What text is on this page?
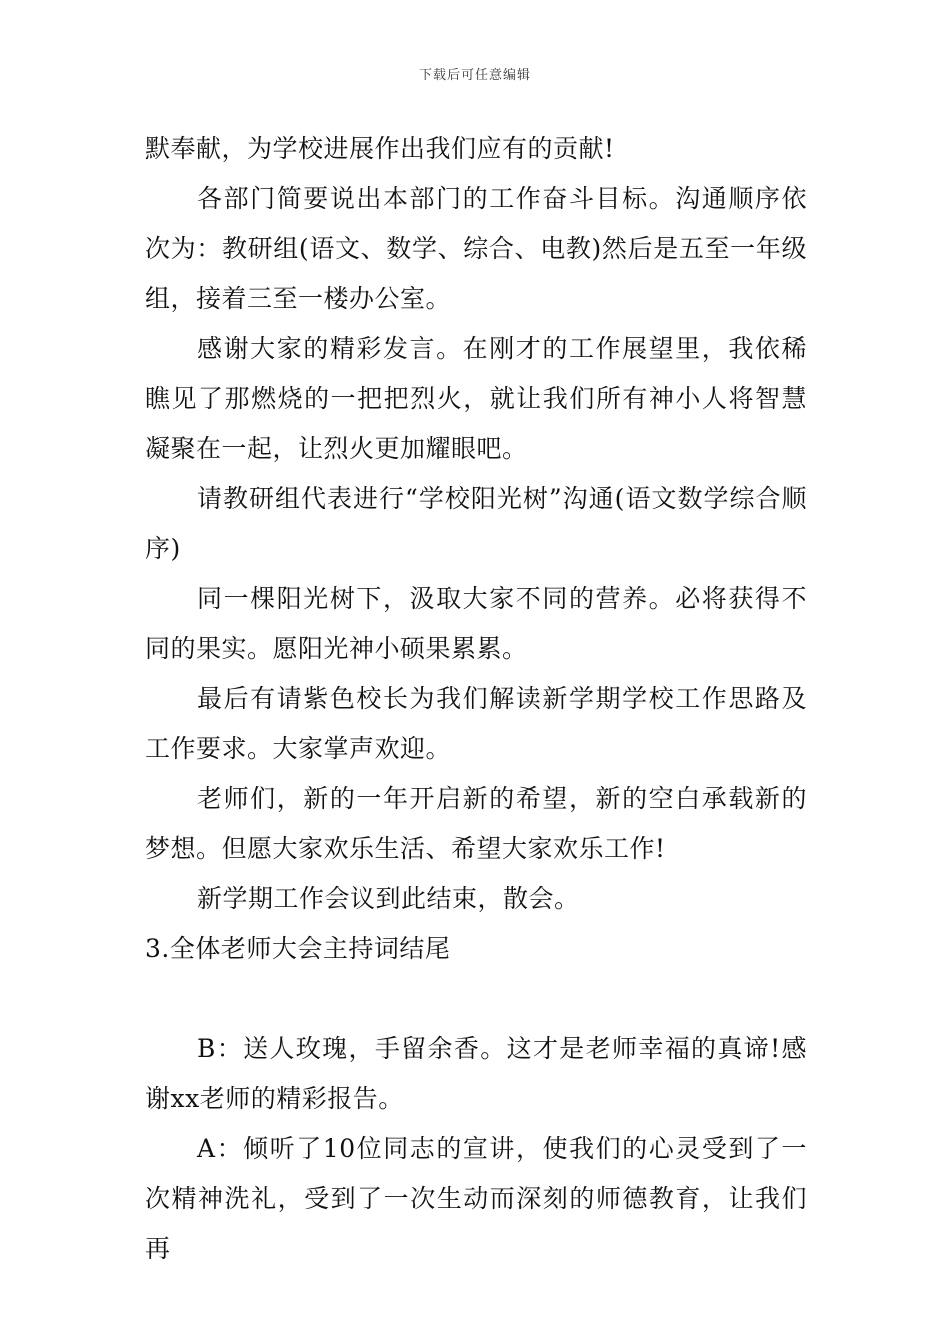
下载后可任意编辑

默奉献，为学校进展作出我们应有的贡献!

各部门简要说出本部门的工作奋斗目标。沟通顺序依次为：教研组(语文、数学、综合、电教)然后是五至一年级组，接着三至一楼办公室。

感谢大家的精彩发言。在刚才的工作展望里，我依稀瞧见了那燃烧的一把把烈火，就让我们所有神小人将智慧凝聚在一起，让烈火更加耀眼吧。

请教研组代表进行“学校阳光树”沟通(语文数学综合顺序)

同一棵阳光树下，汲取大家不同的营养。必将获得不同的果实。愿阳光神小硕果累累。

最后有请紫色校长为我们解读新学期学校工作思路及工作要求。大家掌声欢迎。

老师们，新的一年开启新的希望，新的空白承载新的梦想。但愿大家欢乐生活、希望大家欢乐工作!

新学期工作会议到此结束，散会。

3.全体老师大会主持词结尾

B：送人玫瑰，手留余香。这才是老师幸福的真谛!感谢xx老师的精彩报告。

A：倾听了10位同志的宣讲，使我们的心灵受到了一次精神洗礼，受到了一次生动而深刻的师德教育，让我们再
